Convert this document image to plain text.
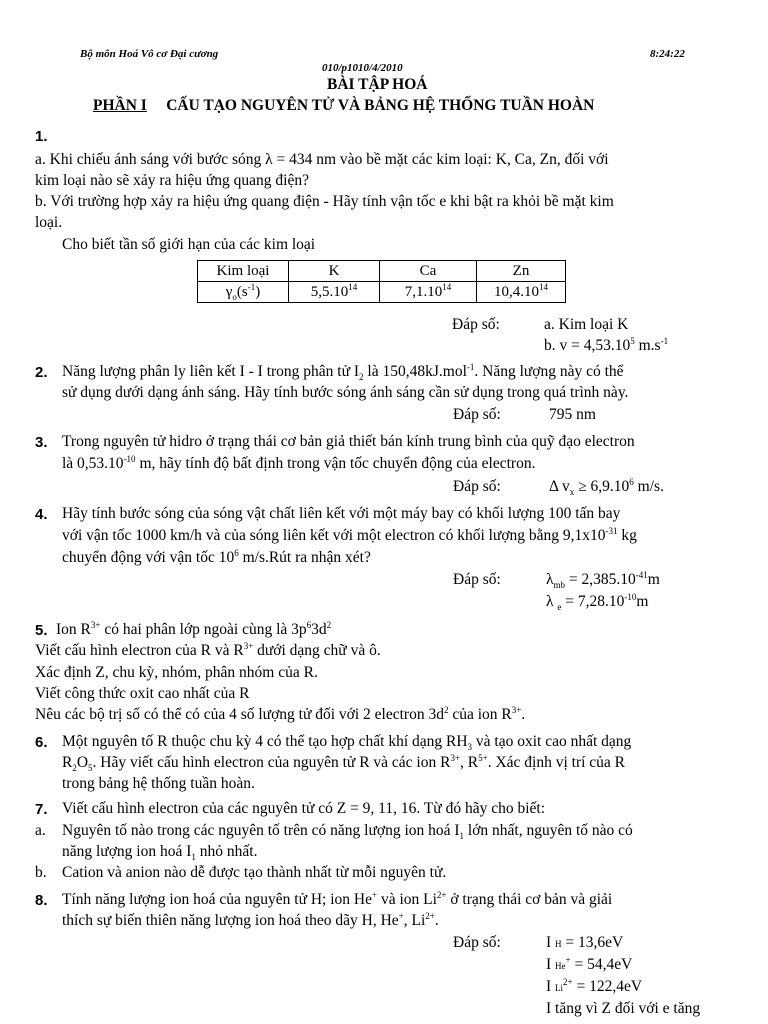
Bộ môn Hoá Vô cơ Đại cương
010/p1010/4/2010
8:24:22
BÀI TẬP HOÁ
PHẦN I CẤU TẠO NGUYÊN TỬ VÀ BẢNG HỆ THỐNG TUẦN HOÀN
1.
a. Khi chiếu ánh sáng với bước sóng λ = 434 nm vào bề mặt các kim loại: K, Ca, Zn, đối với
kim loại nào sẽ xảy ra hiệu ứng quang điện?
b. Với trường hợp xảy ra hiệu ứng quang điện - Hãy tính vận tốc e khi bật ra khỏi bề mặt kim
loại.
Cho biết tần số giới hạn của các kim loại
Kim loại	K	Ca	Zn
$\gamma_o(s^{-1})$	5,5.10$^{14}$	7,1.10$^{14}$	10,4.10$^{14}$
Đáp số:	a. Kim loại K
b. $v = 4,53.10^5$ $m.s^{-1}$
2. Năng lượng phân ly liên kết I - I trong phân tử $I_2$ là 150,48kJ.mol$^{-1}$. Năng lượng này có thể
sử dụng dưới dạng ánh sáng. Hãy tính bước sóng ánh sáng cần sử dụng trong quá trình này.
Đáp số:	795 nm
3. Trong nguyên tử hidro ở trạng thái cơ bản giả thiết bán kính trung bình của quỹ đạo electron
là $0,53.10^{-10}$ m, hãy tính độ bất định trong vận tốc chuyển động của electron.
Đáp số:	Δ $v_x \ge 6,9.10^6$ m/s.
4. Hãy tính bước sóng của sóng vật chất liên kết với một máy bay có khối lượng 100 tấn bay
với vận tốc 1000 km/h và của sóng liên kết với một electron có khối lượng bằng $9,1x10^{-31}$ kg
chuyển động với vận tốc $10^6$ m/s.Rút ra nhận xét?
Đáp số:	$\lambda_{mb} = 2,385.10^{-41}m$
λ $_e = 7,28.10^{-10}m$
5. Ion $R^{3+}$ có hai phân lớp ngoài cùng là $3p^63d^2$
Viết cấu hình electron của R và $R^{3+}$ dưới dạng chữ và ô.
Xác định Z, chu kỳ, nhóm, phân nhóm của R.
Viết công thức oxit cao nhất của R
Nêu các bộ trị số có thể có của 4 số lượng tử đối với 2 electron $3d^2$ của ion $R^{3+}$.
6. Một nguyên tố R thuộc chu kỳ 4 có thể tạo hợp chất khí dạng $RH_3$ và tạo oxit cao nhất dạng
$R_2O_5$. Hãy viết cấu hình electron của nguyên tử R và các ion $R^{3+}$, $R^{5+}$. Xác định vị trí của R
trong bảng hệ thống tuần hoàn.
7. Viết cấu hình electron của các nguyên tử có Z = 9, 11, 16. Từ đó hãy cho biết:
a. Nguyên tố nào trong các nguyên tố trên có năng lượng ion hoá $I_1$ lớn nhất, nguyên tố nào có
năng lượng ion hoá $I_1$ nhỏ nhất.
b. Cation và anion nào dễ được tạo thành nhất từ mỗi nguyên tử.
8. Tính năng lượng ion hoá của nguyên tử H; ion He+ và ion $Li^{2+}$ ở trạng thái cơ bản và giải
thích sự biến thiên năng lượng ion hoá theo dãy H, He+, $Li^{2+}$.
Đáp số:	I H = 13,6eV
I He+ = 54,4eV
I $Li^{2+} = 122,4eV$
I tăng vì Z đối với e tăng
